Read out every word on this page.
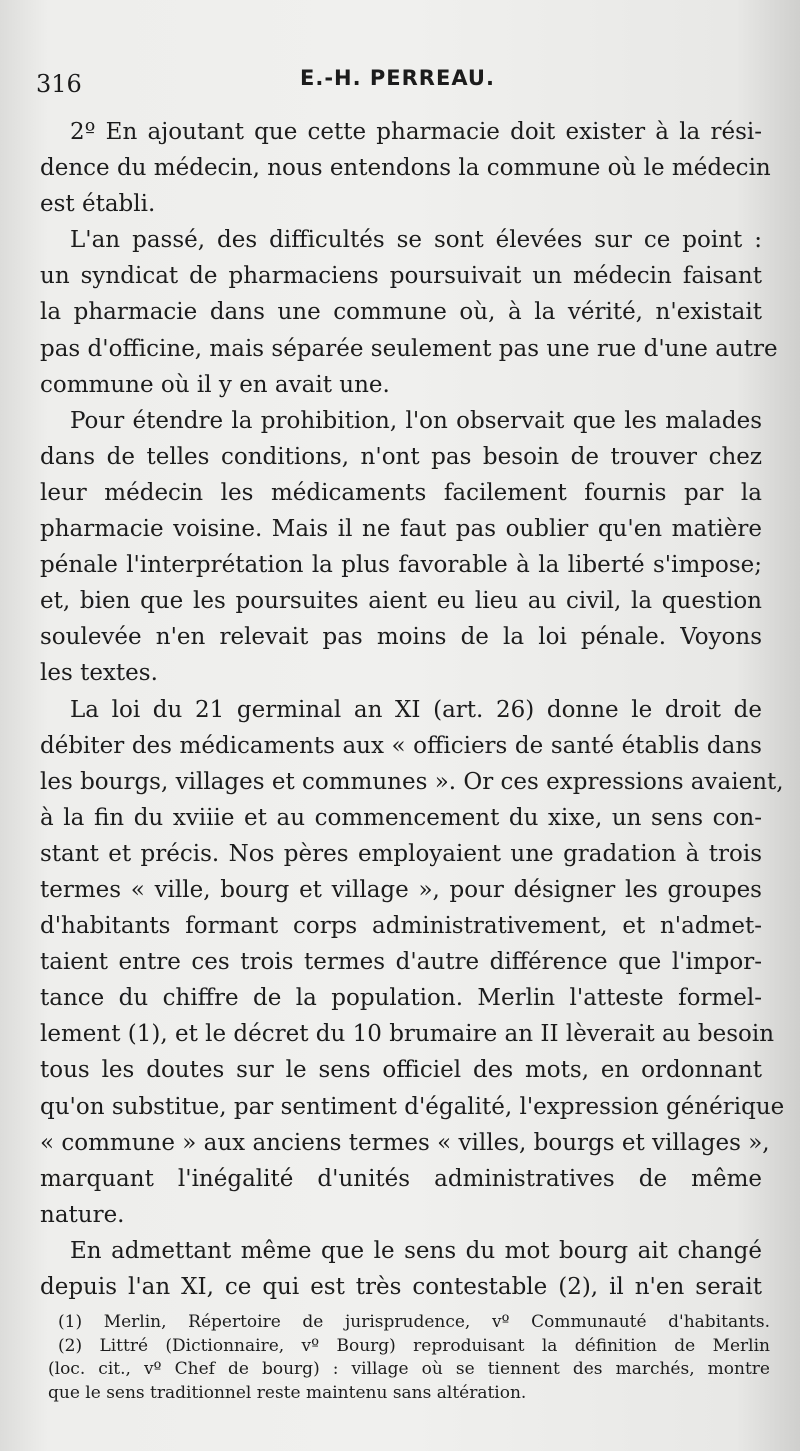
316	E.-H. PERREAU.
2º En ajoutant que cette pharmacie doit exister à la rési-
dence du médecin, nous entendons la commune où le médecin
est établi.
L'an passé, des difficultés se sont élevées sur ce point :
un syndicat de pharmaciens poursuivait un médecin faisant
la pharmacie dans une commune où, à la vérité, n'existait
pas d'officine, mais séparée seulement pas une rue d'une autre
commune où il y en avait une.
Pour étendre la prohibition, l'on observait que les malades
dans de telles conditions, n'ont pas besoin de trouver chez
leur médecin les médicaments facilement fournis par la
pharmacie voisine. Mais il ne faut pas oublier qu'en matière
pénale l'interprétation la plus favorable à la liberté s'impose;
et, bien que les poursuites aient eu lieu au civil, la question
soulevée n'en relevait pas moins de la loi pénale. Voyons
les textes.
La loi du 21 germinal an XI (art. 26) donne le droit de
débiter des médicaments aux « officiers de santé établis dans
les bourgs, villages et communes ». Or ces expressions avaient,
à la fin du xviiie et au commencement du xixe, un sens con-
stant et précis. Nos pères employaient une gradation à trois
termes « ville, bourg et village », pour désigner les groupes
d'habitants formant corps administrativement, et n'admet-
taient entre ces trois termes d'autre différence que l'impor-
tance du chiffre de la population. Merlin l'atteste formel-
lement (1), et le décret du 10 brumaire an II lèverait au besoin
tous les doutes sur le sens officiel des mots, en ordonnant
qu'on substitue, par sentiment d'égalité, l'expression générique
« commune » aux anciens termes « villes, bourgs et villages »,
marquant l'inégalité d'unités administratives de même
nature.
En admettant même que le sens du mot bourg ait changé
depuis l'an XI, ce qui est très contestable (2), il n'en serait
(1) Merlin, Répertoire de jurisprudence, vº Communauté d'habitants.
(2) Littré (Dictionnaire, vº Bourg) reproduisant la définition de Merlin
(loc. cit., vº Chef de bourg) : village où se tiennent des marchés, montre
que le sens traditionnel reste maintenu sans altération.
